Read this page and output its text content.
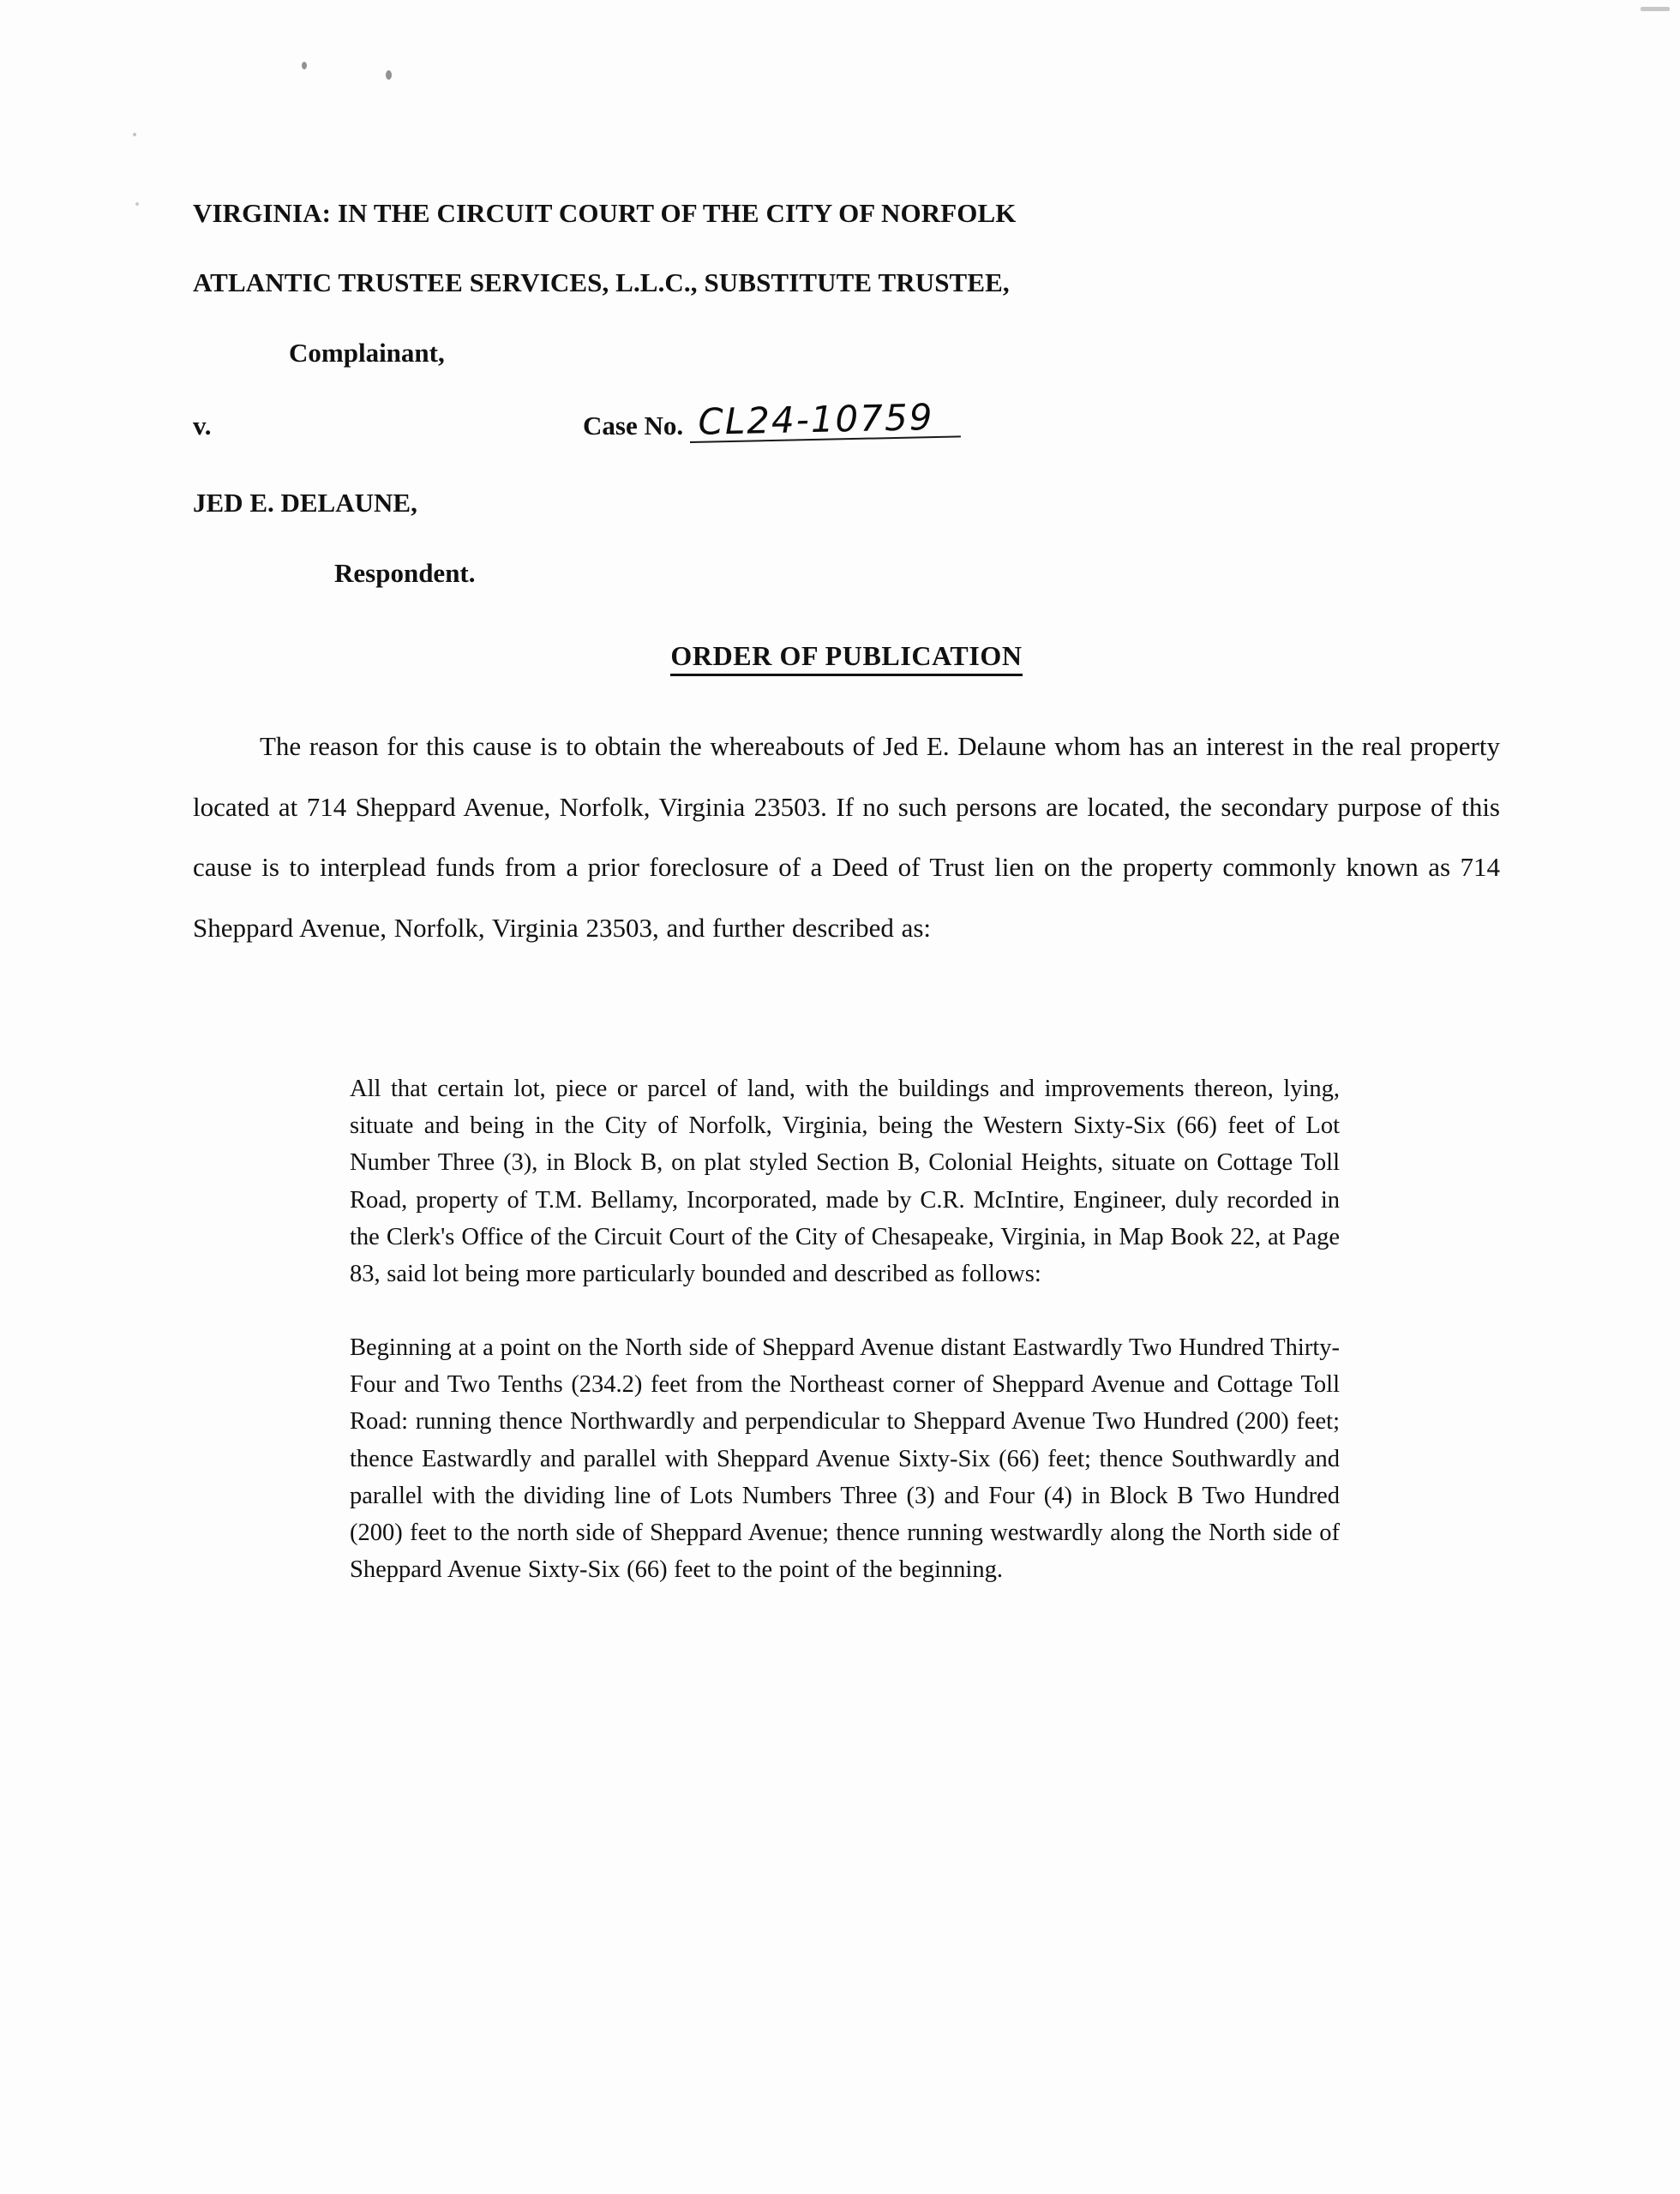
VIRGINIA: IN THE CIRCUIT COURT OF THE CITY OF NORFOLK

ATLANTIC TRUSTEE SERVICES, L.L.C., SUBSTITUTE TRUSTEE,

Complainant,

v.	Case No. CL24-10759

JED E. DELAUNE,

Respondent.

ORDER OF PUBLICATION

The reason for this cause is to obtain the whereabouts of Jed E. Delaune whom has an interest in the real property located at 714 Sheppard Avenue, Norfolk, Virginia 23503. If no such persons are located, the secondary purpose of this cause is to interplead funds from a prior foreclosure of a Deed of Trust lien on the property commonly known as 714 Sheppard Avenue, Norfolk, Virginia 23503, and further described as:

All that certain lot, piece or parcel of land, with the buildings and improvements thereon, lying, situate and being in the City of Norfolk, Virginia, being the Western Sixty-Six (66) feet of Lot Number Three (3), in Block B, on plat styled Section B, Colonial Heights, situate on Cottage Toll Road, property of T.M. Bellamy, Incorporated, made by C.R. McIntire, Engineer, duly recorded in the Clerk's Office of the Circuit Court of the City of Chesapeake, Virginia, in Map Book 22, at Page 83, said lot being more particularly bounded and described as follows:

Beginning at a point on the North side of Sheppard Avenue distant Eastwardly Two Hundred Thirty-Four and Two Tenths (234.2) feet from the Northeast corner of Sheppard Avenue and Cottage Toll Road: running thence Northwardly and perpendicular to Sheppard Avenue Two Hundred (200) feet; thence Eastwardly and parallel with Sheppard Avenue Sixty-Six (66) feet; thence Southwardly and parallel with the dividing line of Lots Numbers Three (3) and Four (4) in Block B Two Hundred (200) feet to the north side of Sheppard Avenue; thence running westwardly along the North side of Sheppard Avenue Sixty-Six (66) feet to the point of the beginning.
